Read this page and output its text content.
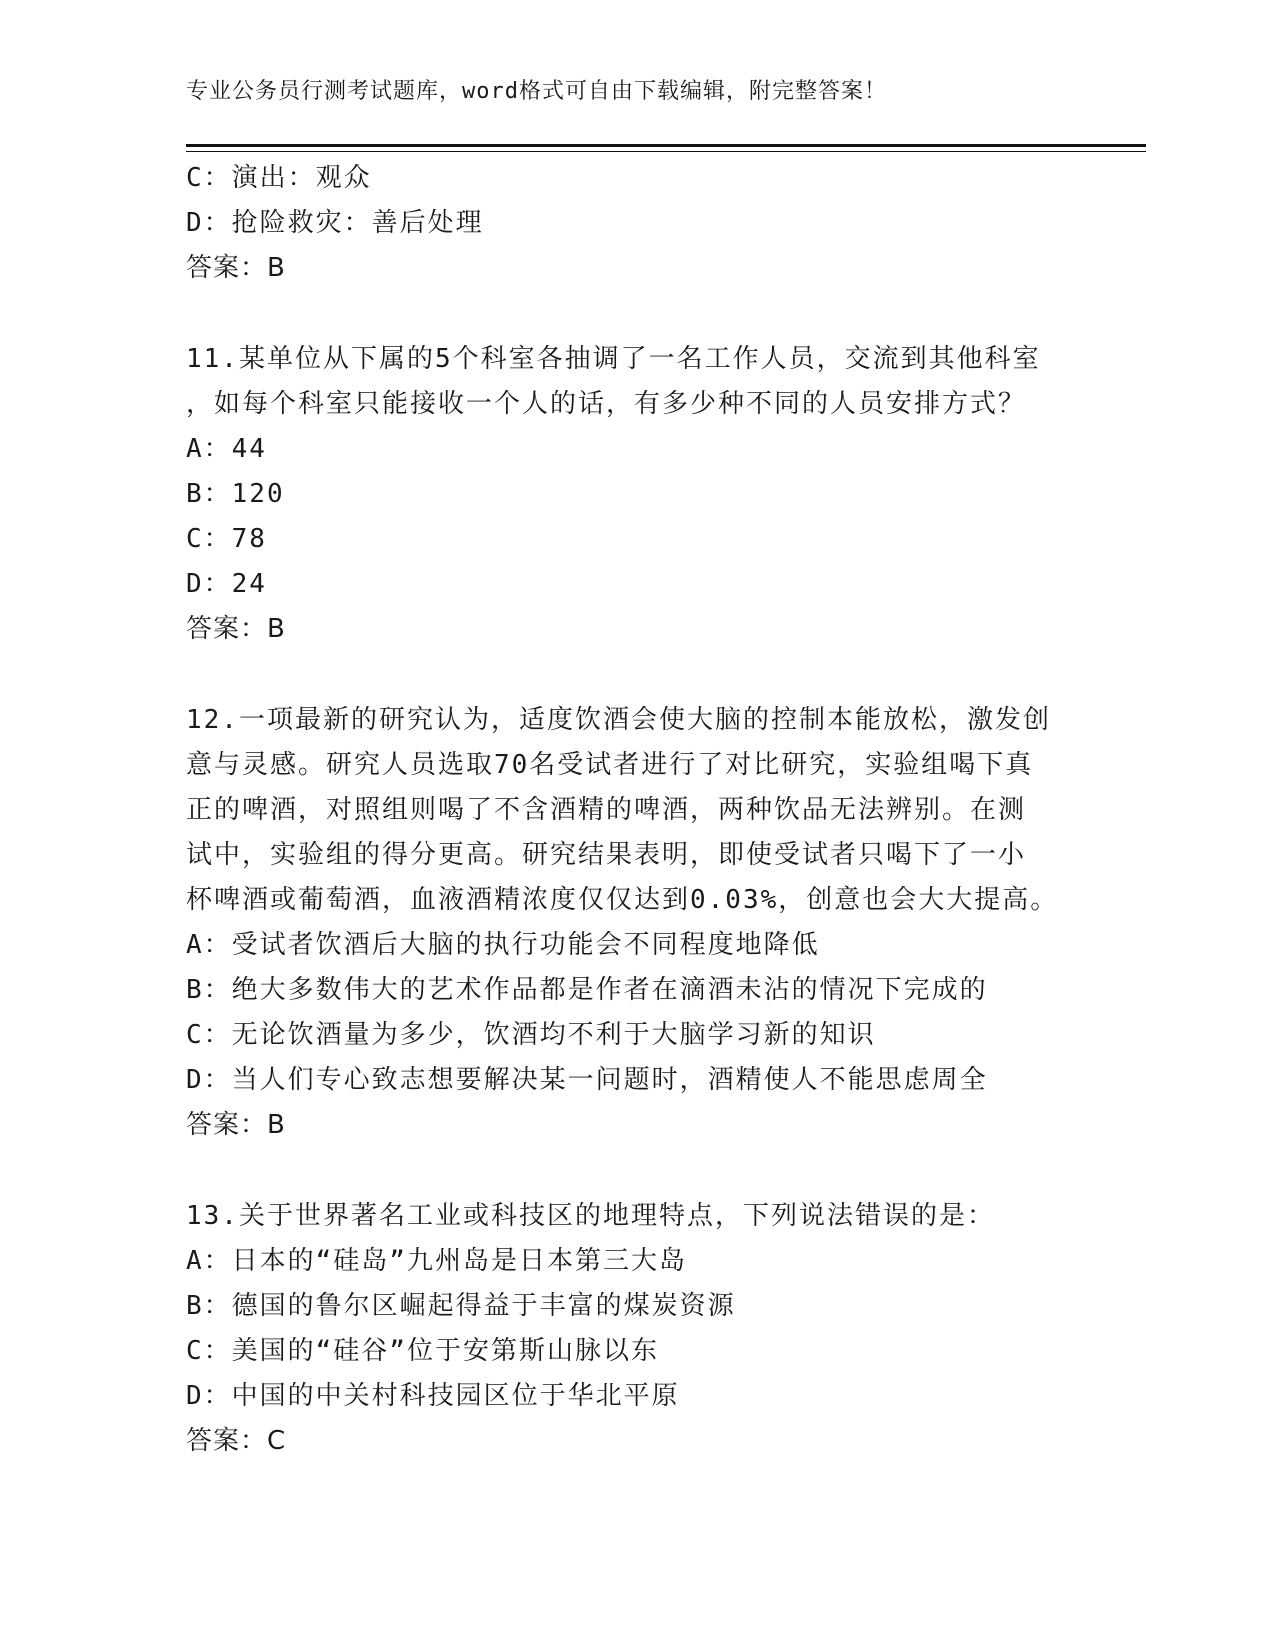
专业公务员行测考试题库，word格式可自由下载编辑，附完整答案！
C：演出：观众
D：抢险救灾：善后处理
答案：B
11.某单位从下属的5个科室各抽调了一名工作人员，交流到其他科室
，如每个科室只能接收一个人的话，有多少种不同的人员安排方式？
A：44
B：120
C：78
D：24
答案：B
12.一项最新的研究认为，适度饮酒会使大脑的控制本能放松，激发创
意与灵感。研究人员选取70名受试者进行了对比研究，实验组喝下真
正的啤酒，对照组则喝了不含酒精的啤酒，两种饮品无法辨别。在测
试中，实验组的得分更高。研究结果表明，即使受试者只喝下了一小
杯啤酒或葡萄酒，血液酒精浓度仅仅达到0.03%，创意也会大大提高。
A：受试者饮酒后大脑的执行功能会不同程度地降低
B：绝大多数伟大的艺术作品都是作者在滴酒未沾的情况下完成的
C：无论饮酒量为多少，饮酒均不利于大脑学习新的知识
D：当人们专心致志想要解决某一问题时，酒精使人不能思虑周全
答案：B
13.关于世界著名工业或科技区的地理特点，下列说法错误的是：
A：日本的“硅岛”九州岛是日本第三大岛
B：德国的鲁尔区崛起得益于丰富的煤炭资源
C：美国的“硅谷”位于安第斯山脉以东
D：中国的中关村科技园区位于华北平原
答案：C
